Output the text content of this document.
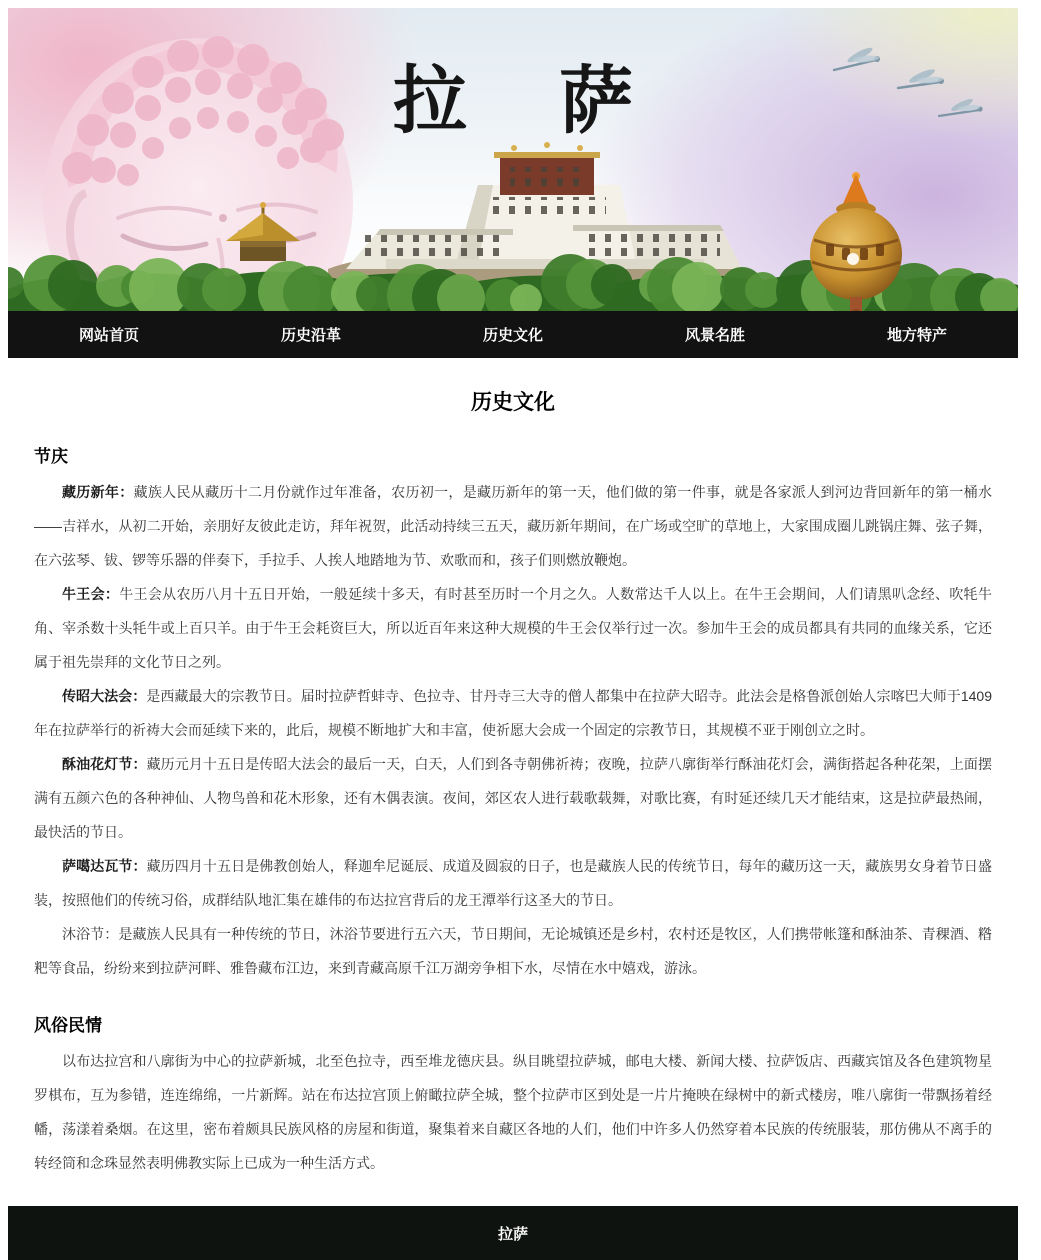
拉 萨
网站首页	历史沿革	历史文化	风景名胜	地方特产
历史文化
节庆

藏历新年：藏族人民从藏历十二月份就作过年准备，农历初一，是藏历新年的第一天，他们做的第一件事，就是各家派人到河边背回新年的第一桶水——吉祥水，从初二开始，亲朋好友彼此走访，拜年祝贺，此活动持续三五天，藏历新年期间，在广场或空旷的草地上，大家围成圈儿跳锅庄舞、弦子舞，在六弦琴、钹、锣等乐器的伴奏下，手拉手、人挨人地踏地为节、欢歌而和，孩子们则燃放鞭炮。

牛王会：牛王会从农历八月十五日开始，一般延续十多天，有时甚至历时一个月之久。人数常达千人以上。在牛王会期间，人们请黑叭念经、吹牦牛角、宰杀数十头牦牛或上百只羊。由于牛王会耗资巨大，所以近百年来这种大规模的牛王会仅举行过一次。参加牛王会的成员都具有共同的血缘关系，它还属于祖先崇拜的文化节日之列。

传昭大法会：是西藏最大的宗教节日。届时拉萨哲蚌寺、色拉寺、甘丹寺三大寺的僧人都集中在拉萨大昭寺。此法会是格鲁派创始人宗喀巴大师于1409年在拉萨举行的祈祷大会而延续下来的，此后，规模不断地扩大和丰富，使祈愿大会成一个固定的宗教节日，其规模不亚于刚创立之时。

酥油花灯节：藏历元月十五日是传昭大法会的最后一天，白天，人们到各寺朝佛祈祷；夜晚，拉萨八廓街举行酥油花灯会，满街搭起各种花架，上面摆满有五颜六色的各种神仙、人物鸟兽和花木形象，还有木偶表演。夜间，郊区农人进行载歌载舞，对歌比赛，有时延还续几天才能结束，这是拉萨最热闹，最快活的节日。

萨噶达瓦节：藏历四月十五日是佛教创始人，释迦牟尼诞辰、成道及圆寂的日子，也是藏族人民的传统节日，每年的藏历这一天，藏族男女身着节日盛装，按照他们的传统习俗，成群结队地汇集在雄伟的布达拉宫背后的龙王潭举行这圣大的节日。

沐浴节：是藏族人民具有一种传统的节日，沐浴节要进行五六天，节日期间，无论城镇还是乡村，农村还是牧区，人们携带帐篷和酥油茶、青稞酒、糌粑等食品，纷纷来到拉萨河畔、雅鲁藏布江边，来到青藏高原千江万湖旁争相下水，尽情在水中嬉戏，游泳。

风俗民情

以布达拉宫和八廓街为中心的拉萨新城，北至色拉寺，西至堆龙德庆县。纵目眺望拉萨城，邮电大楼、新闻大楼、拉萨饭店、西藏宾馆及各色建筑物星罗棋布，互为参错，连连绵绵，一片新辉。站在布达拉宫顶上俯瞰拉萨全城，整个拉萨市区到处是一片片掩映在绿树中的新式楼房，唯八廓街一带飘扬着经幡，荡漾着桑烟。在这里，密布着颇具民族风格的房屋和街道，聚集着来自藏区各地的人们，他们中许多人仍然穿着本民族的传统服装，那仿佛从不离手的转经筒和念珠显然表明佛教实际上已成为一种生活方式。

拉萨
